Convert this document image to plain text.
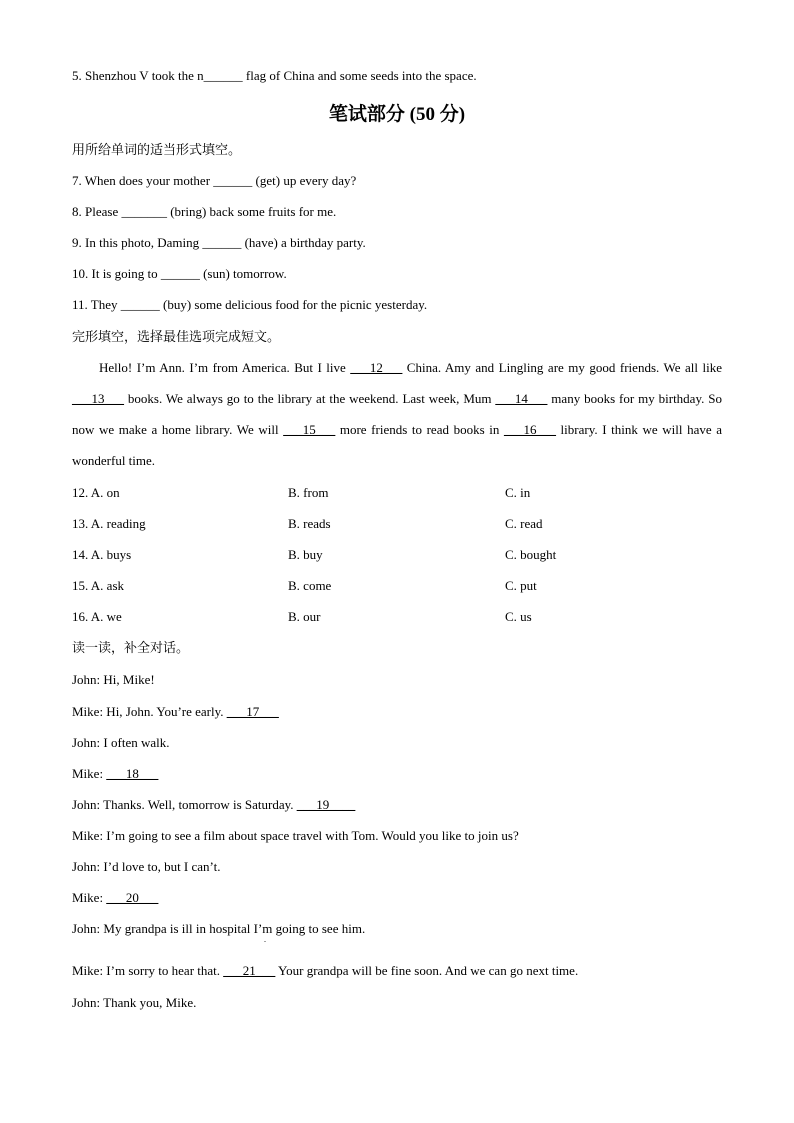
5. Shenzhou V took the n______ flag of China and some seeds into the space.
笔试部分 (50 分)
用所给单词的适当形式填空。
7. When does your mother ______ (get) up every day?
8. Please _______ (bring) back some fruits for me.
9. In this photo, Daming ______ (have) a birthday party.
10. It is going to ______ (sun) tomorrow.
11. They ______ (buy) some delicious food for the picnic yesterday.
完形填空，选择最佳选项完成短文。
Hello! I’m Ann. I’m from America. But I live ___12___ China. Amy and Lingling are my good friends. We all like ___13___ books. We always go to the library at the weekend. Last week, Mum ___14___ many books for my birthday. So now we make a home library. We will ___15___ more friends to read books in ___16___ library. I think we will have a wonderful time.
12. A. on	B. from	C. in
13. A. reading	B. reads	C. read
14. A. buys	B. buy	C. bought
15. A. ask	B. come	C. put
16. A. we	B. our	C. us
读一读，补全对话。
John: Hi, Mike!
Mike: Hi, John. You’re early. ___17___
John: I often walk.
Mike: ___18___
John: Thanks. Well, tomorrow is Saturday. ___19____
Mike: I’m going to see a film about space travel with Tom. Would you like to join us?
John: I’d love to, but I can’t.
Mike: ___20___
John: My grandpa is ill in hospital I’m going to see him.
.
Mike: I’m sorry to hear that. ___21___ Your grandpa will be fine soon. And we can go next time.
John: Thank you, Mike.
